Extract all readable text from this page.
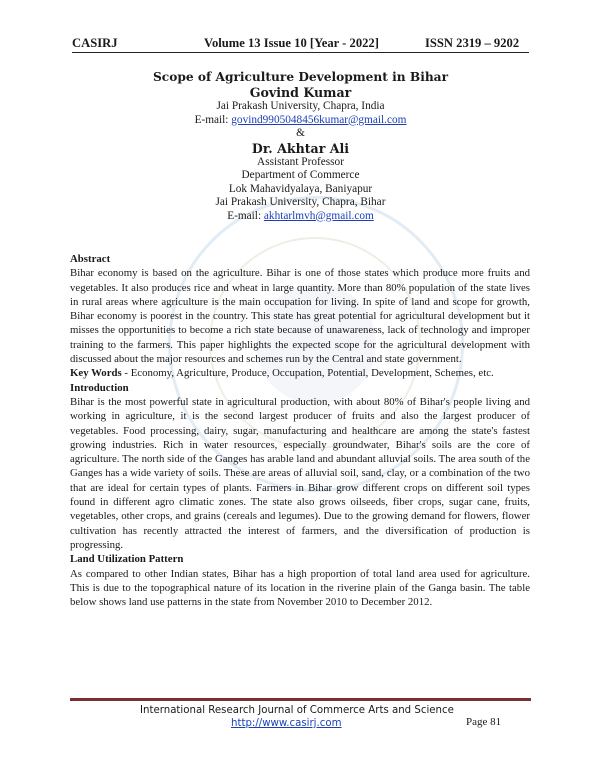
CASIRJ	Volume 13 Issue 10 [Year - 2022]	ISSN 2319 – 9202
Scope of Agriculture Development in Bihar
Govind Kumar
Jai Prakash University, Chapra, India
E-mail: govind9905048456kumar@gmail.com
&
Dr. Akhtar Ali
Assistant Professor
Department of Commerce
Lok Mahavidyalaya, Baniyapur
Jai Prakash University, Chapra, Bihar
E-mail: akhtarlmvh@gmail.com

Abstract

Bihar economy is based on the agriculture. Bihar is one of those states which produce more fruits and vegetables. It also produces rice and wheat in large quantity. More than 80% population of the state lives in rural areas where agriculture is the main occupation for living. In spite of land and scope for growth, Bihar economy is poorest in the country. This state has great potential for agricultural development but it misses the opportunities to become a rich state because of unawareness, lack of technology and improper training to the farmers. This paper highlights the expected scope for the agricultural development with discussed about the major resources and schemes run by the Central and state government.

Key Words - Economy, Agriculture, Produce, Occupation, Potential, Development, Schemes, etc.

Introduction

Bihar is the most powerful state in agricultural production, with about 80% of Bihar's people living and working in agriculture, it is the second largest producer of fruits and also the largest producer of vegetables. Food processing, dairy, sugar, manufacturing and healthcare are among the state's fastest growing industries. Rich in water resources, especially groundwater, Bihar's soils are the core of agriculture. The north side of the Ganges has arable land and abundant alluvial soils. The area south of the Ganges has a wide variety of soils. These are areas of alluvial soil, sand, clay, or a combination of the two that are ideal for certain types of plants. Farmers in Bihar grow different crops on different soil types found in different agro climatic zones. The state also grows oilseeds, fiber crops, sugar cane, fruits, vegetables, other crops, and grains (cereals and legumes). Due to the growing demand for flowers, flower cultivation has recently attracted the interest of farmers, and the diversification of production is progressing.

Land Utilization Pattern

As compared to other Indian states, Bihar has a high proportion of total land area used for agriculture. This is due to the topographical nature of its location in the riverine plain of the Ganga basin. The table below shows land use patterns in the state from November 2010 to December 2012.

International Research Journal of Commerce Arts and Science
http://www.casirj.com	Page 81
